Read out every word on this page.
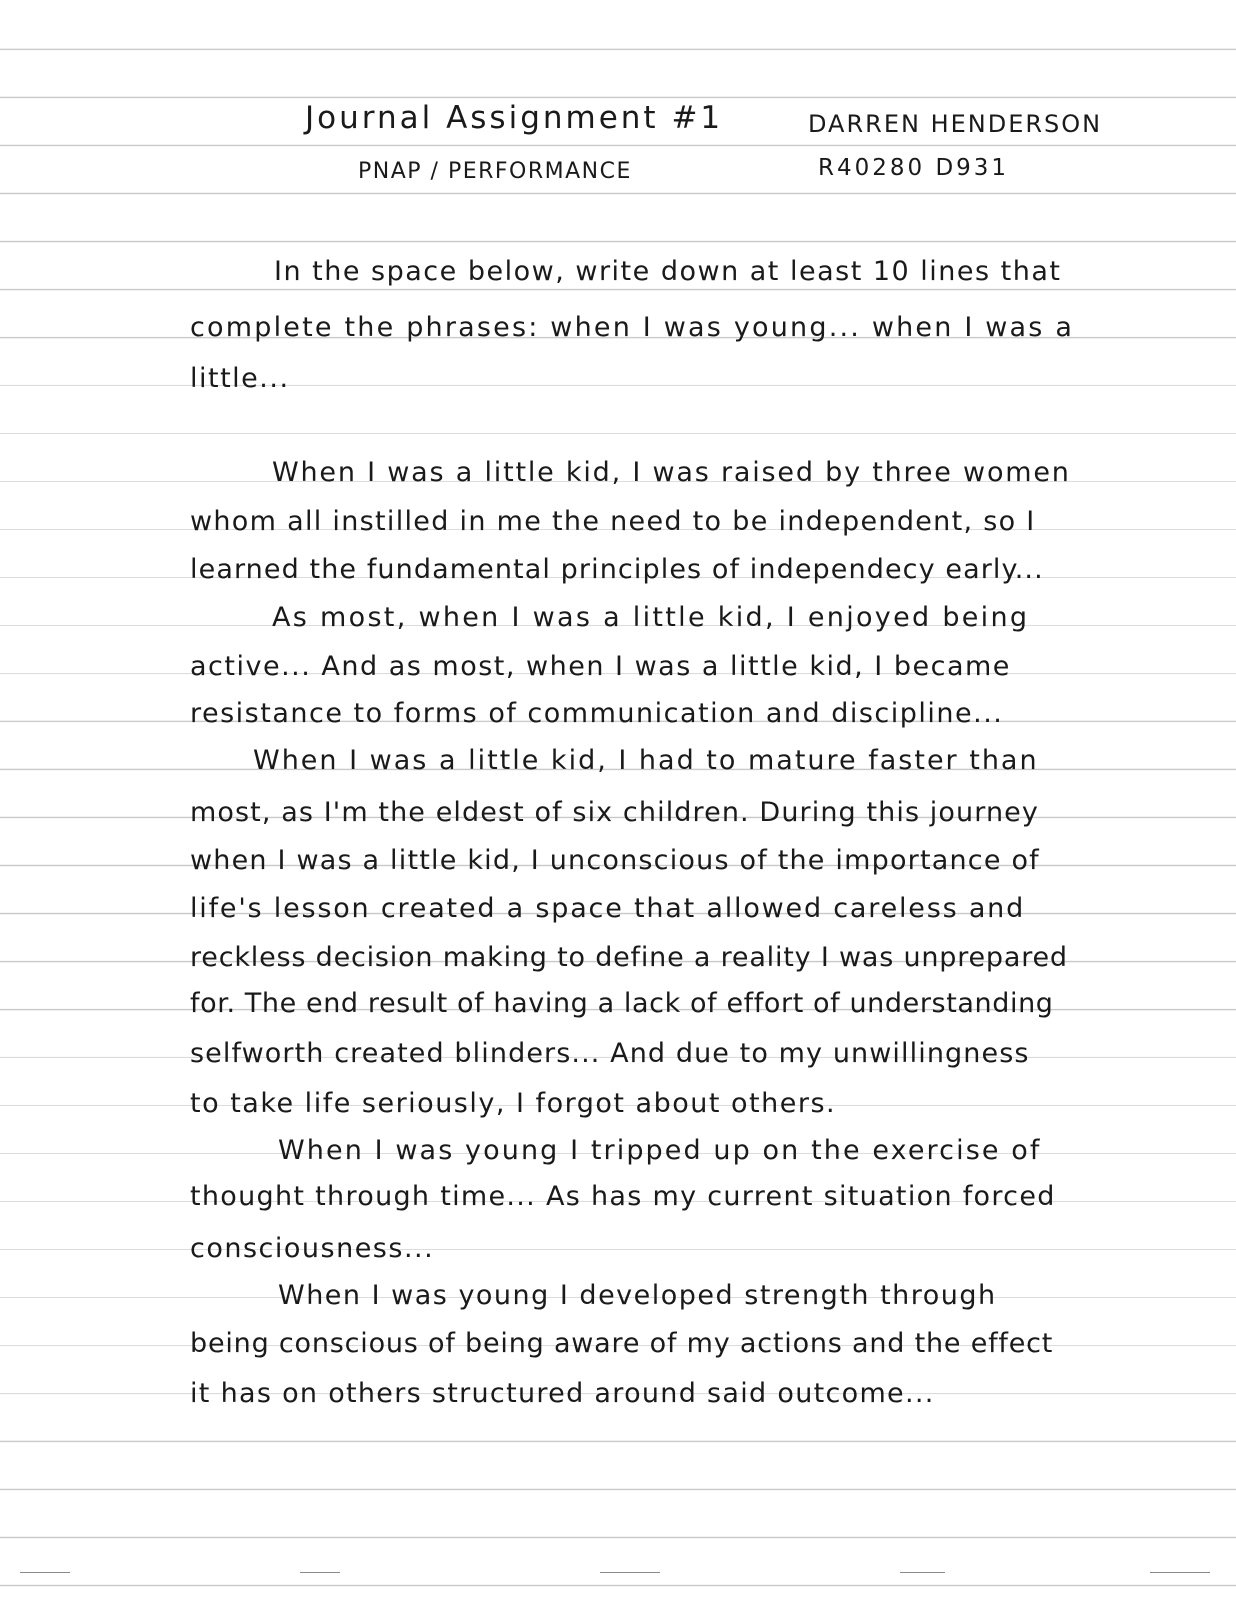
Journal Assignment #1	DARREN HENDERSON
PNAP / PERFORMANCE	R40280 D931
In the space below, write down at least 10 lines that
complete the phrases: when I was young... when I was a
little...
When I was a little kid, I was raised by three women
whom all instilled in me the need to be independent, so I
learned the fundamental principles of independecy early...
As most, when I was a little kid, I enjoyed being
active... And as most, when I was a little kid, I became
resistance to forms of communication and discipline...
When I was a little kid, I had to mature faster than
most, as I'm the eldest of six children. During this journey
when I was a little kid, I unconscious of the importance of
life's lesson created a space that allowed careless and
reckless decision making to define a reality I was unprepared
for. The end result of having a lack of effort of understanding
selfworth created blinders... And due to my unwillingness
to take life seriously, I forgot about others.
When I was young I tripped up on the exercise of
thought through time... As has my current situation forced
consciousness...
When I was young I developed strength through
being conscious of being aware of my actions and the effect
it has on others structured around said outcome...
